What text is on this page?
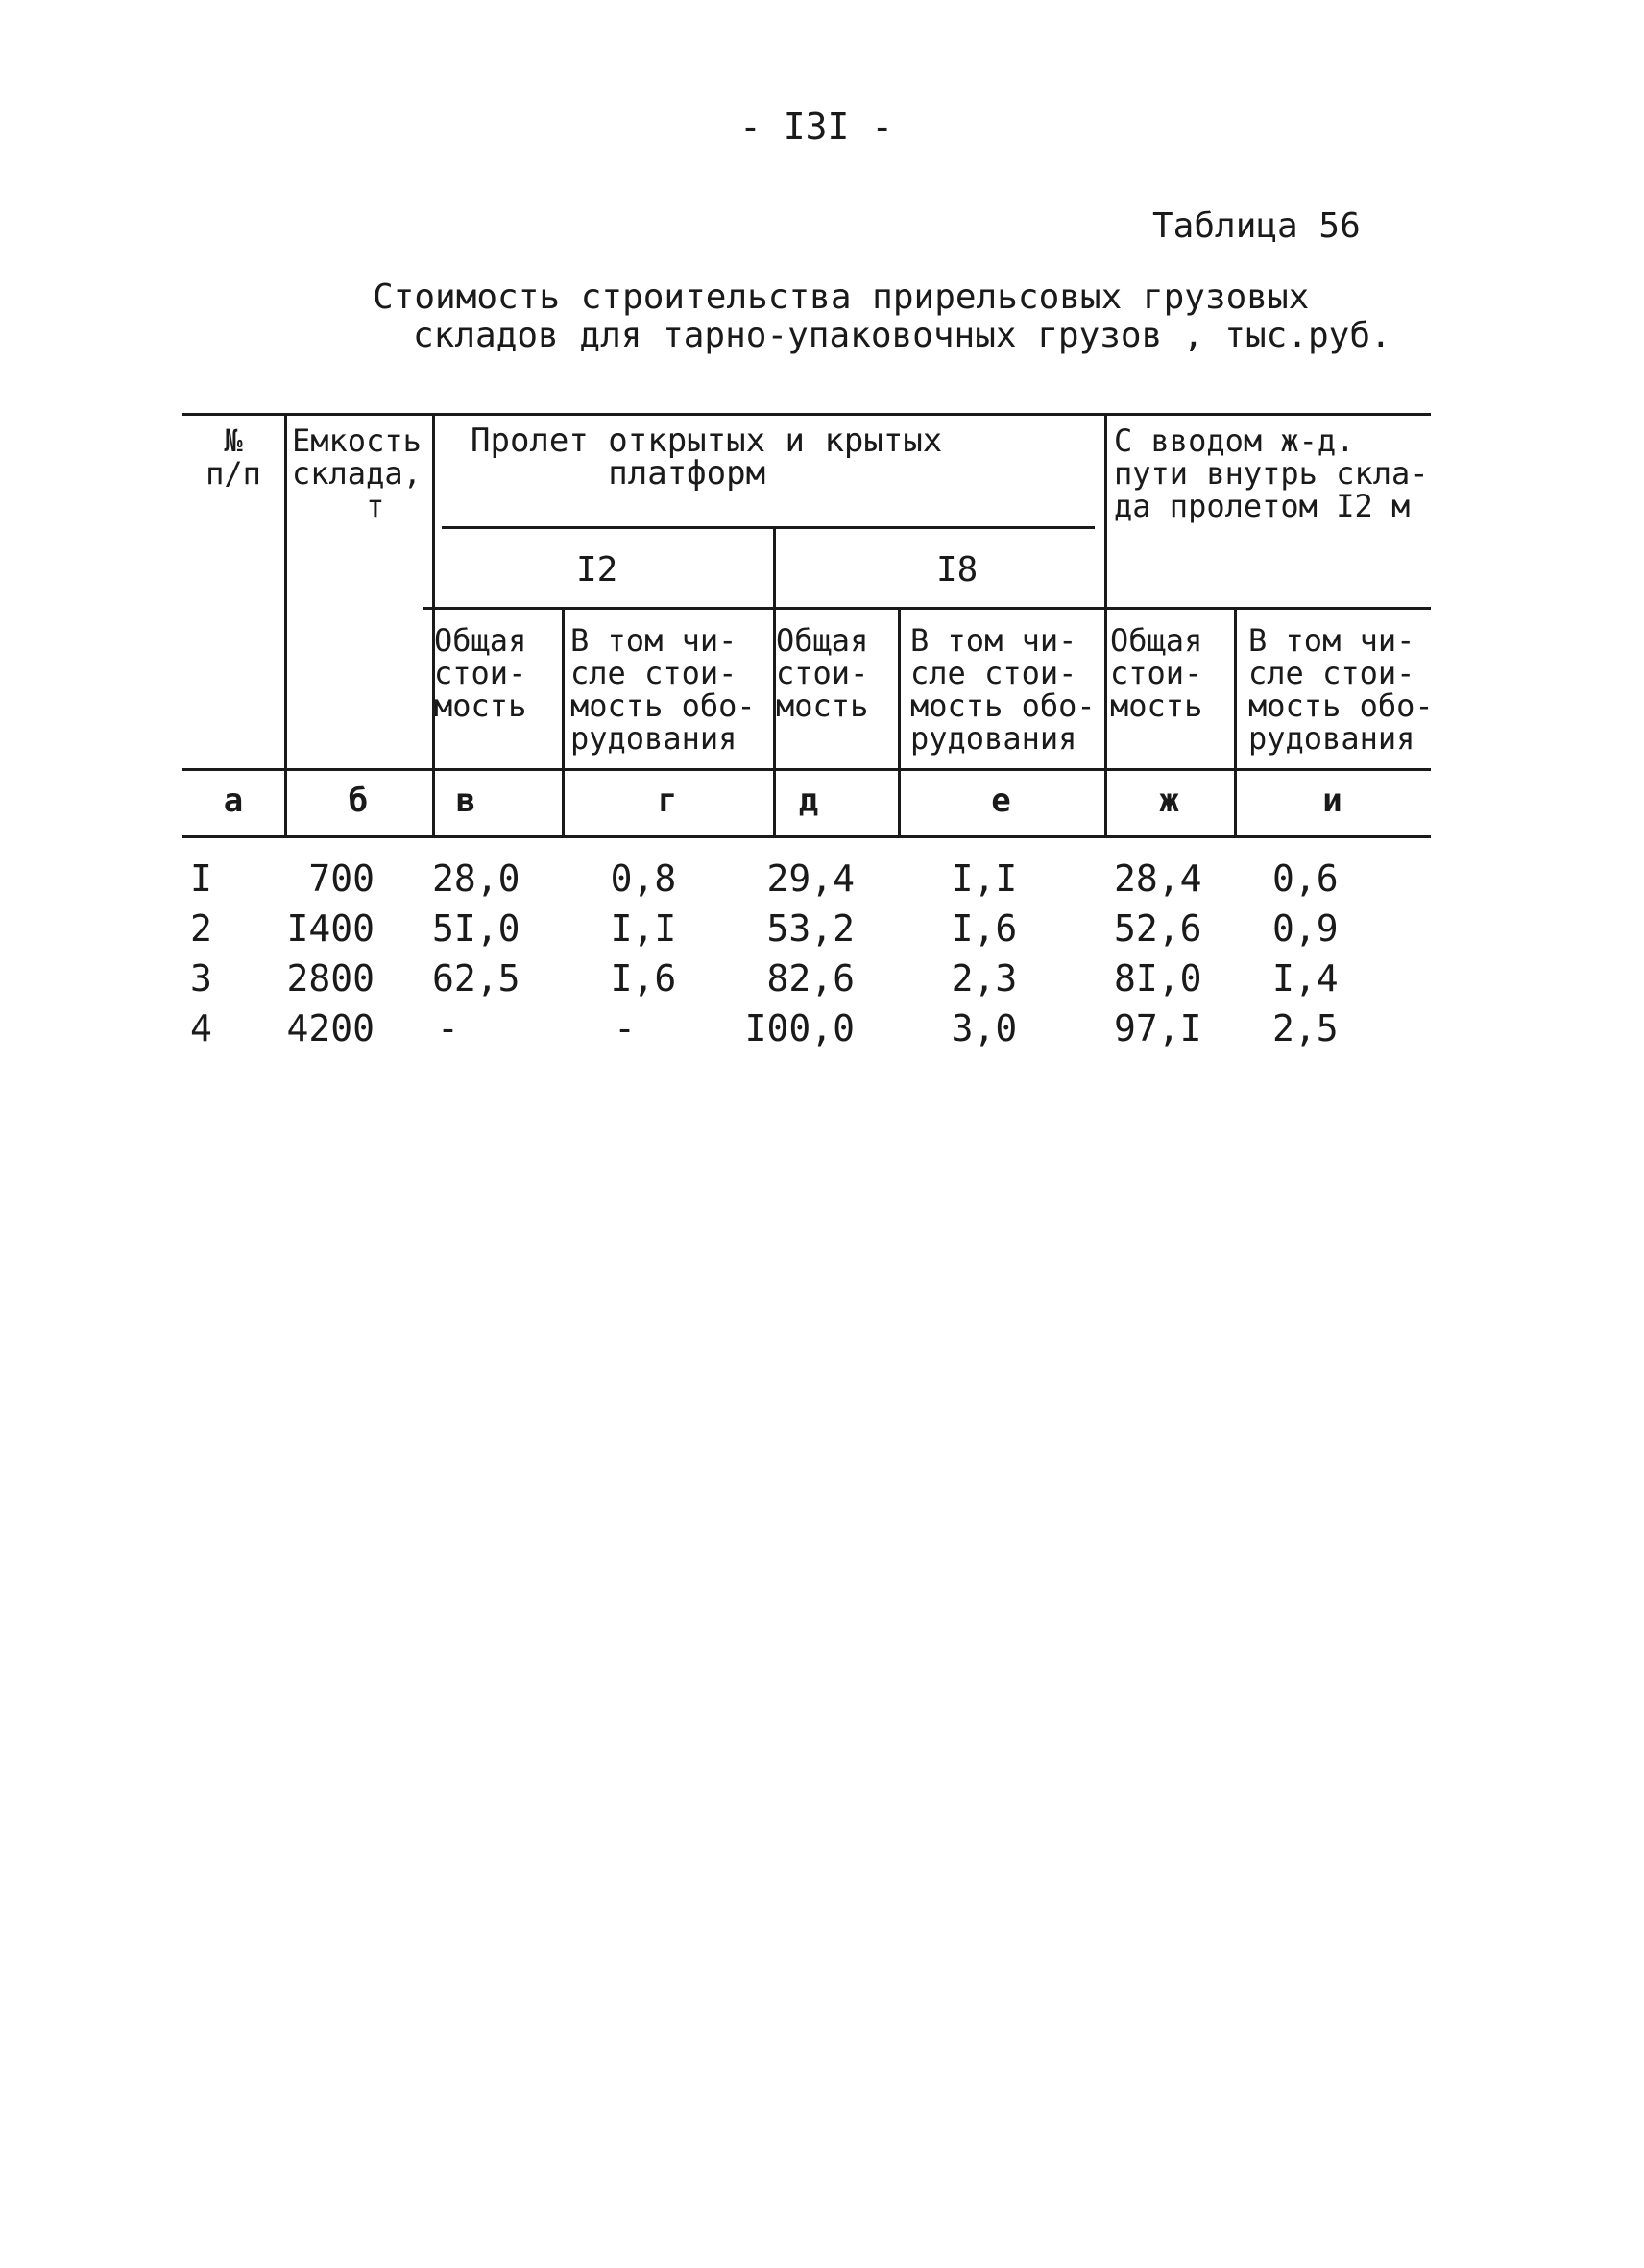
- I3I -
Таблица 56
Стоимость строительства прирельсовых грузовых
складов для тарно-упаковочных грузов , тыс.руб.
№
п/п
Емкость
склада,
т
Пролет открытых и крытых
платформ
С вводом ж-д.
пути внутрь скла-
да пролетом I2 м
I2	I8
Общая
стои-
мость
В том чи-
сле стои-
мость обо-
рудования
Общая
стои-
мость
В том чи-
сле стои-
мость обо-
рудования
Общая
стои-
мость
В том чи-
сле стои-
мость обо-
рудования
а	б	в	г	д	е	ж	и
I	700 28,0	0,8	29,4	I,I	28,4 0,6
2 I400 5I,0	I,I	53,2	I,6	52,6 0,9
3 2800 62,5	I,6	82,6	2,3	8I,0 I,4
4 4200 -	-	I00,0	3,0	97,I 2,5
